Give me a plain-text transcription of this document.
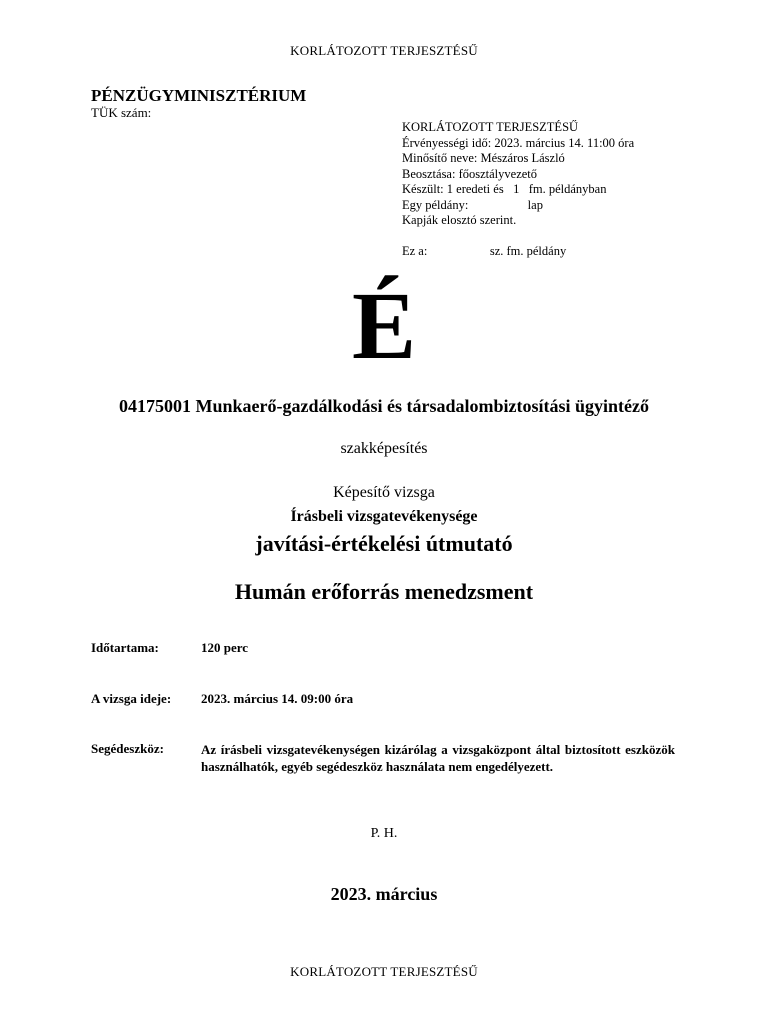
KORLÁTOZOTT TERJESZTÉSŰ
PÉNZÜGYMINISZTÉRIUM
TÜK szám:
KORLÁTOZOTT TERJESZTÉSŰ
Érvényességi idő: 2023. március 14. 11:00 óra
Minősítő neve: Mészáros László
Beosztása: főosztályvezető
Készült: 1 eredeti és   1   fm. példányban
Egy példány:                   lap
Kapják elosztó szerint.
Ez a:                    sz. fm. példány
É
04175001 Munkaerő-gazdálkodási és társadalombiztosítási ügyintéző
szakképesítés
Képesítő vizsga
Írásbeli vizsgatevékenysége
javítási-értékelési útmutató
Humán erőforrás menedzsment
Időtartama:	120 perc
A vizsga ideje: 2023. március 14. 09:00 óra
Segédeszköz:	Az írásbeli vizsgatevékenységen kizárólag a vizsgaközpont által biztosított eszközök használhatók, egyéb segédeszköz használata nem engedélyezett.
P. H.
2023. március
KORLÁTOZOTT TERJESZTÉSŰ
